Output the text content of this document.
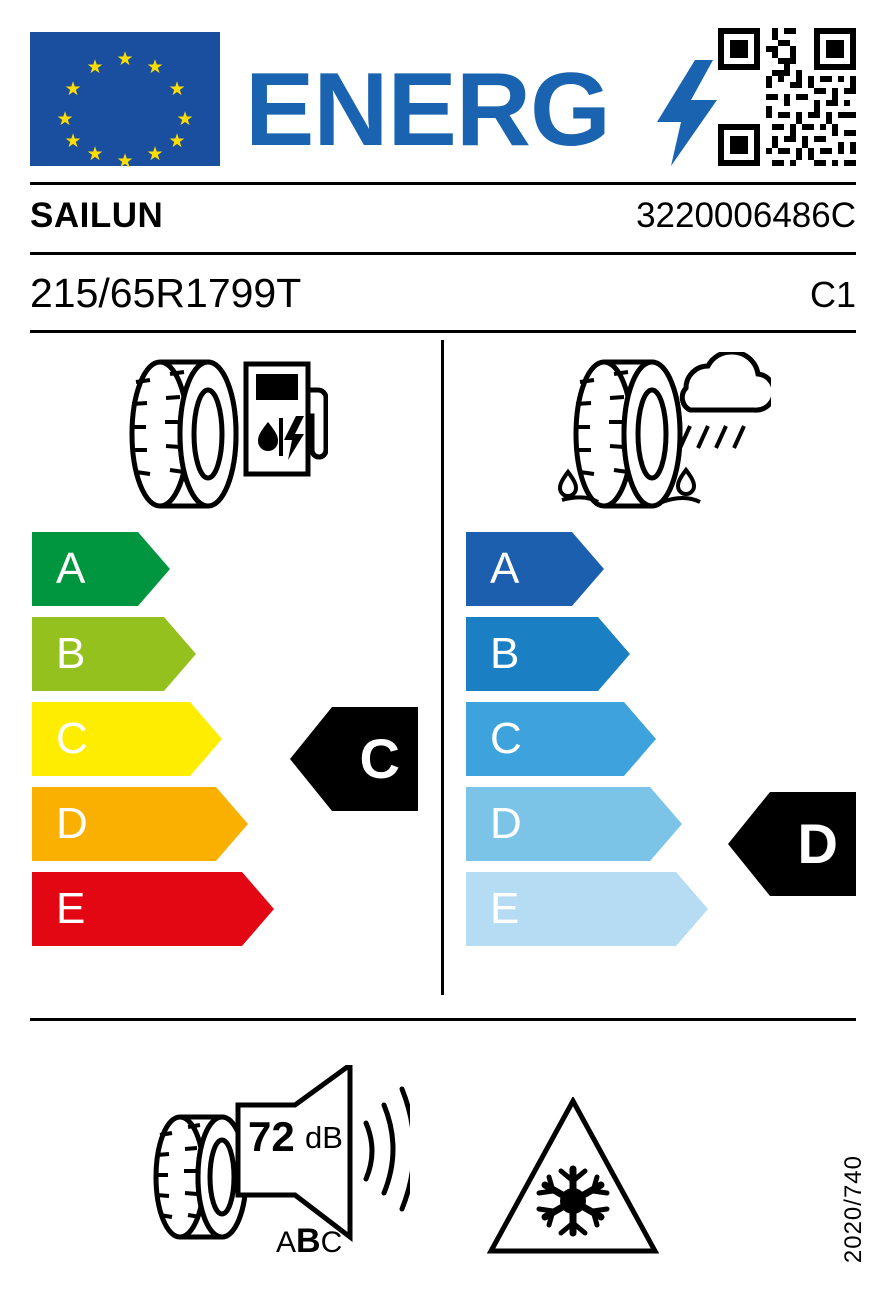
★ ★
★
★
★
★
★
★
★
★
★
★ ENERG
SAILUN	3220006486C
215/65R1799T	C1
A
B
C
D
E
C
A
B
C
D
E
D
72 dB
ABC	2020/740
